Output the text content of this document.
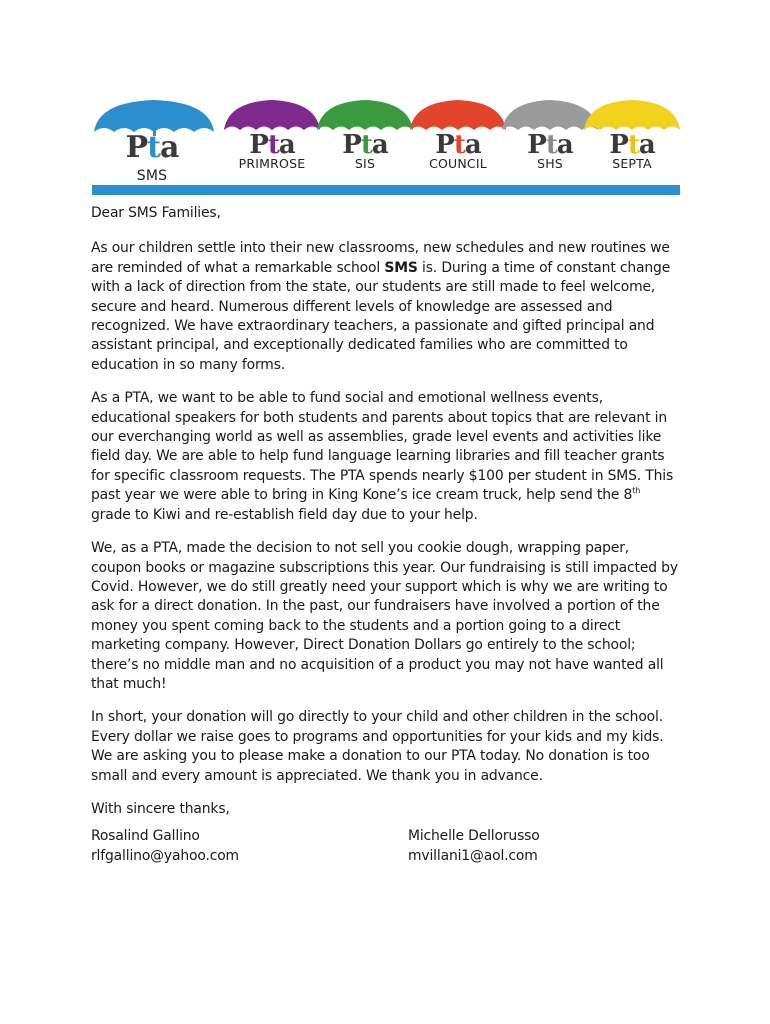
Pta
SMS
Pta
PRIMROSE
Pta
SIS
Pta
COUNCIL
Pta
SHS
Pta
SEPTA

Dear SMS Families,

As our children settle into their new classrooms, new schedules and new routines we are reminded of what a remarkable school SMS is. During a time of constant change with a lack of direction from the state, our students are still made to feel welcome, secure and heard. Numerous different levels of knowledge are assessed and recognized. We have extraordinary teachers, a passionate and gifted principal and assistant principal, and exceptionally dedicated families who are committed to education in so many forms.

As a PTA, we want to be able to fund social and emotional wellness events, educational speakers for both students and parents about topics that are relevant in our everchanging world as well as assemblies, grade level events and activities like field day. We are able to help fund language learning libraries and fill teacher grants for specific classroom requests. The PTA spends nearly $100 per student in SMS. This past year we were able to bring in King Kone’s ice cream truck, help send the 8th grade to Kiwi and re-establish field day due to your help.

We, as a PTA, made the decision to not sell you cookie dough, wrapping paper, coupon books or magazine subscriptions this year. Our fundraising is still impacted by Covid. However, we do still greatly need your support which is why we are writing to ask for a direct donation. In the past, our fundraisers have involved a portion of the money you spent coming back to the students and a portion going to a direct marketing company. However, Direct Donation Dollars go entirely to the school; there’s no middle man and no acquisition of a product you may not have wanted all that much!

In short, your donation will go directly to your child and other children in the school. Every dollar we raise goes to programs and opportunities for your kids and my kids. We are asking you to please make a donation to our PTA today. No donation is too small and every amount is appreciated. We thank you in advance.

With sincere thanks,

Rosalind Gallino
rlfgallino@yahoo.com
Michelle Dellorusso
mvillani1@aol.com
